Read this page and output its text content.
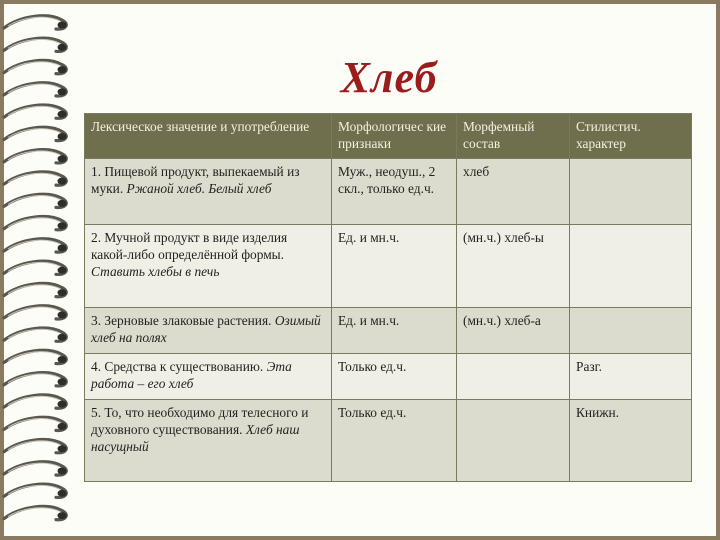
Хлеб
Лексическое значение и употребление	Морфологичес кие признаки	Морфемный состав	Стилистич. характер
1. Пищевой продукт, выпекаемый из муки. Ржаной хлеб. Белый хлеб	Муж., неодуш., 2 скл., только ед.ч.	хлеб	
2. Мучной продукт в виде изделия какой-либо определённой формы. Ставить хлебы в печь	Ед. и мн.ч.	(мн.ч.) хлеб-ы	
3. Зерновые злаковые растения. Озимый хлеб на полях	Ед. и мн.ч.	(мн.ч.) хлеб-а	
4. Средства к существованию. Эта работа – его хлеб	Только ед.ч.		Разг.
5. То, что необходимо для телесного и духовного существования. Хлеб наш насущный	Только ед.ч.		Книжн.
